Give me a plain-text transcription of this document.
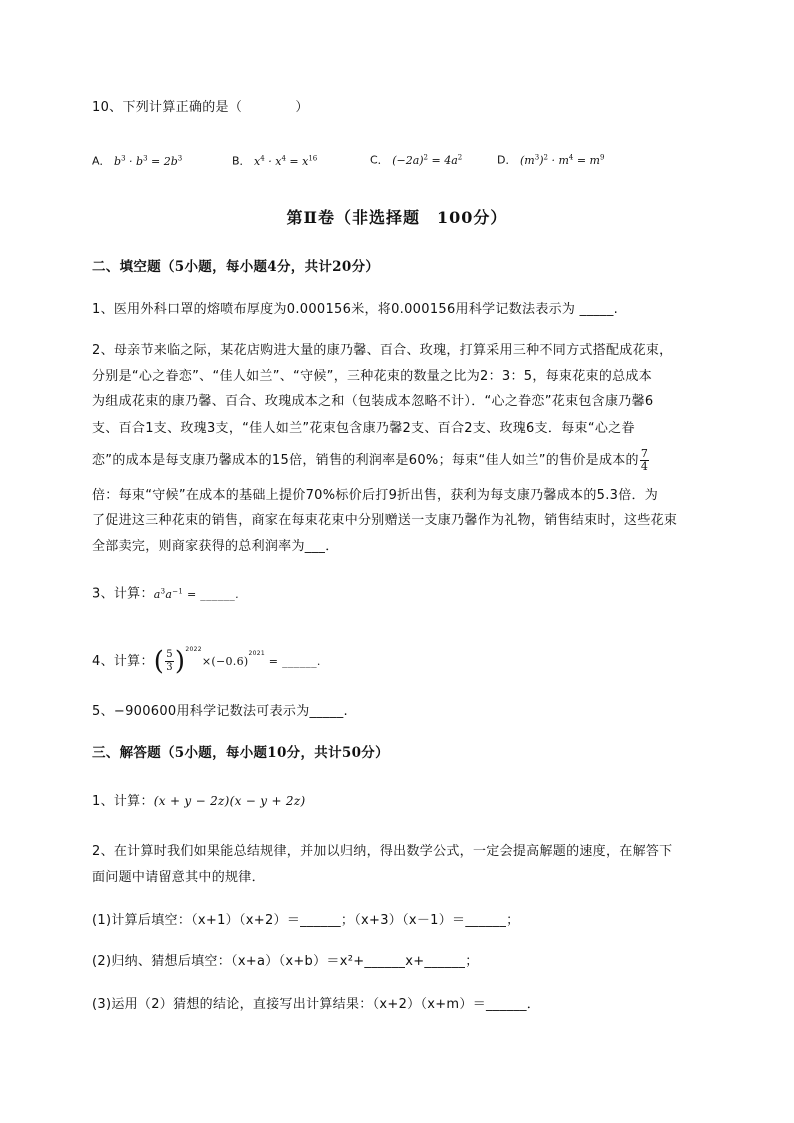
10、下列计算正确的是（　　　　）
A． $b^3 \cdot b^3 = 2b^3$	B． $x^4 \cdot x^4 = x^{16}$	C． $(-2a)^2 = 4a^2$	D． $(m^3)^2 \cdot m^4 = m^9$
第Ⅱ卷（非选择题　100分）
二、填空题（5小题，每小题4分，共计20分）
1、医用外科口罩的熔喷布厚度为0.000156米，将0.000156用科学记数法表示为 _____.
2、母亲节来临之际，某花店购进大量的康乃馨、百合、玫瑰，打算采用三种不同方式搭配成花束，
分别是“心之眷恋”、“佳人如兰”、“守候”，三种花束的数量之比为2：3：5，每束花束的总成本
为组成花束的康乃馨、百合、玫瑰成本之和（包装成本忽略不计）．“心之眷恋”花束包含康乃馨6
支、百合1支、玫瑰3支，“佳人如兰”花束包含康乃馨2支、百合2支、玫瑰6支．每束“心之眷
恋”的成本是每支康乃馨成本的15倍，销售的利润率是60%；每束“佳人如兰”的售价是成本的 $\frac{7}{4}$
倍：每束“守候”在成本的基础上提价70%标价后打9折出售，获利为每支康乃馨成本的5.3倍．为
了促进这三种花束的销售，商家在每束花束中分别赠送一支康乃馨作为礼物，销售结束时，这些花束
全部卖完，则商家获得的总利润率为___．
3、计算：$a^3a^{-1}$ = ______.
4、计算：( $\frac{5}{3} )^{2022}\times(-0.6)^{2021}$ = ______.
5、−900600用科学记数法可表示为_____.
三、解答题（5小题，每小题10分，共计50分）
1、计算：(x + y − 2z)(x − y + 2z)
2、在计算时我们如果能总结规律，并加以归纳，得出数学公式，一定会提高解题的速度，在解答下
面问题中请留意其中的规律．
(1)计算后填空：（x+1）（x+2）＝______；（x+3）（x－1）＝______；
(2)归纳、猜想后填空：（x+a）（x+b）＝x²+______x+______；
(3)运用（2）猜想的结论，直接写出计算结果：（x+2）（x+m）＝______．
